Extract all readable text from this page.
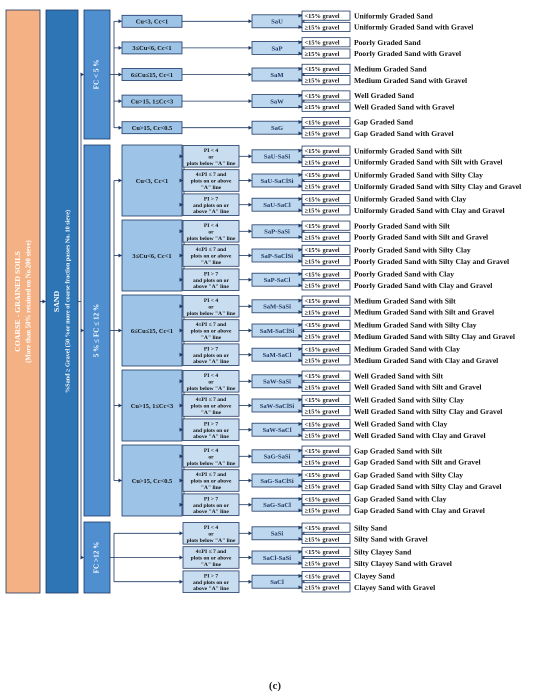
COARSE - GRAINED SOILS (More than 50% retained on No.200 sieve) SAND %Sand ≥ Gravel (50 %or more of coarse fraction passes No. 10 sieve)
FC < 5 %
Cu<3, Cc<1	SaU
<15% gravel Uniformly Graded Sand
≥15% gravel Uniformly Graded Sand with Gravel
3≤Cu<6, Cc<1	SaP
<15% gravel Poorly Graded Sand
≥15% gravel Poorly Graded Sand with Gravel
6≤Cu≤15, Cc<1	SaM
<15% gravel Medium Graded Sand
≥15% gravel Medium Graded Sand with Gravel
Cu>15, 1≤Cc<3	SaW
<15% gravel Well Graded Sand
≥15% gravel Well Graded Sand with Gravel
Cu>15, Cc<0.5	SaG
<15% gravel Gap Graded Sand
≥15% gravel Gap Graded Sand with Gravel
5 % ≤ FC ≤ 12 %
Cu<3, Cc<1
PI < 4
or
plots below "A" line
SaU-SaSi
<15% gravel Uniformly Graded Sand with Silt
≥15% gravel Uniformly Graded Sand with Silt with Gravel
4≤PI ≤ 7 and
plots on or above
"A" line
SaU-SaClSi
<15% gravel Uniformly Graded Sand with Silty Clay
≥15% gravel Uniformly Graded Sand with Silty Clay and Gravel
PI > 7
and plots on or
above "A" line
SaU-SaCl
<15% gravel Uniformly Graded Sand with Clay
≥15% gravel Uniformly Graded Sand with Clay and Gravel
3≤Cu<6, Cc<1
PI < 4
or
plots below "A" line
SaP-SaSi
<15% gravel Poorly Graded Sand with Silt
≥15% gravel Poorly Graded Sand with Silt and Gravel
4≤PI ≤ 7 and
plots on or above
"A" line
SaP-SaClSi
<15% gravel Poorly Graded Sand with Silty Clay
≥15% gravel Poorly Graded Sand with Silty Clay and Gravel
PI > 7
and plots on or
above "A" line
SaP-SaCl
<15% gravel Poorly Graded Sand with Clay
≥15% gravel Poorly Graded Sand with Clay and Gravel
6≤Cu≤15, Cc<1
PI < 4
or
plots below "A" line
SaM-SaSi
<15% gravel Medium Graded Sand with Silt
≥15% gravel Medium Graded Sand with Silt and Gravel
4≤PI ≤ 7 and
plots on or above
"A" line
SaM-SaClSi
<15% gravel Medium Graded Sand with Silty Clay
≥15% gravel Medium Graded Sand with Silty Clay and Gravel
PI > 7
and plots on or
above "A" line
SaM-SaCl
<15% gravel Medium Graded Sand with Clay
≥15% gravel Medium Graded Sand with Clay and Gravel
Cu>15, 1≤Cc<3
PI < 4
or
plots below "A" line
SaW-SaSi
<15% gravel Well Graded Sand with Silt
≥15% gravel Well Graded Sand with Silt and Gravel
4≤PI ≤ 7 and
plots on or above
"A" line
SaW-SaClSi
<15% gravel Well Graded Sand with Silty Clay
≥15% gravel Well Graded Sand with Silty Clay and Gravel
PI > 7
and plots on or
above "A" line
SaW-SaCl
<15% gravel Well Graded Sand with Clay
≥15% gravel Well Graded Sand with Clay and Gravel
Cu>15, Cc<0.5
PI < 4
or
plots below "A" line
SaG-SaSi
<15% gravel Gap Graded Sand with Silt
≥15% gravel Gap Graded Sand with Silt and Gravel
4≤PI ≤ 7 and
plots on or above
"A" line
SaG-SaClSi
<15% gravel Gap Graded Sand with Silty Clay
≥15% gravel Gap Graded Sand with Silty Clay and Gravel
PI > 7
and plots on or
above "A" line
SaG-SaCl
<15% gravel Gap Graded Sand with Clay
≥15% gravel Gap Graded Sand with Clay and Gravel
FC >12 %
PI < 4
or
plots below "A" line
SaSi
<15% gravel Silty Sand
≥15% gravel Silty Sand with Gravel
4≤PI ≤ 7 and
plots on or above
"A" line
SaCl-SaSi
<15% gravel Silty Clayey Sand
≥15% gravel Silty Clayey Sand with Gravel
PI > 7
and plots on or
above "A" line
SaCl
<15% gravel Clayey Sand
≥15% gravel Clayey Sand with Gravel
(c)
